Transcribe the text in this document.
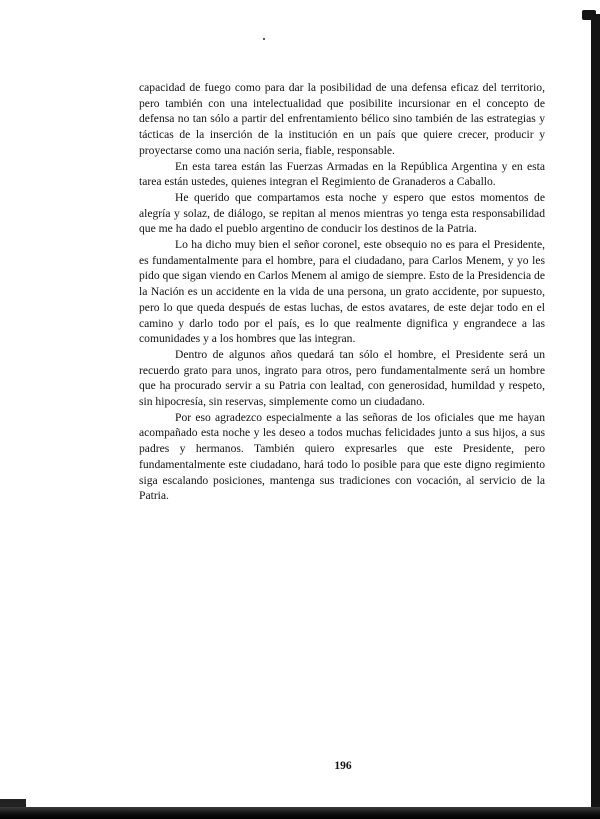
capacidad de fuego como para dar la posibilidad de una defensa eficaz del territorio, pero también con una intelectualidad que posibilite incursionar en el concepto de defensa no tan sólo a partir del enfrentamiento bélico sino también de las estrategias y tácticas de la inserción de la institución en un país que quiere crecer, producir y proyectarse como una nación seria, fiable, responsable.

En esta tarea están las Fuerzas Armadas en la República Argentina y en esta tarea están ustedes, quienes integran el Regimiento de Granaderos a Caballo.

He querido que compartamos esta noche y espero que estos momentos de alegría y solaz, de diálogo, se repitan al menos mientras yo tenga esta responsabilidad que me ha dado el pueblo argentino de conducir los destinos de la Patria.

Lo ha dicho muy bien el señor coronel, este obsequio no es para el Presidente, es fundamentalmente para el hombre, para el ciudadano, para Carlos Menem, y yo les pido que sigan viendo en Carlos Menem al amigo de siempre. Esto de la Presidencia de la Nación es un accidente en la vida de una persona, un grato accidente, por supuesto, pero lo que queda después de estas luchas, de estos avatares, de este dejar todo en el camino y darlo todo por el país, es lo que realmente dignifica y engrandece a las comunidades y a los hombres que las integran.

Dentro de algunos años quedará tan sólo el hombre, el Presidente será un recuerdo grato para unos, ingrato para otros, pero fundamentalmente será un hombre que ha procurado servir a su Patria con lealtad, con generosidad, humildad y respeto, sin hipocresía, sin reservas, simplemente como un ciudadano.

Por eso agradezco especialmente a las señoras de los oficiales que me hayan acompañado esta noche y les deseo a todos muchas felicidades junto a sus hijos, a sus padres y hermanos. También quiero expresarles que este Presidente, pero fundamentalmente este ciudadano, hará todo lo posible para que este digno regimiento siga escalando posiciones, mantenga sus tradiciones con vocación, al servicio de la Patria.

196
